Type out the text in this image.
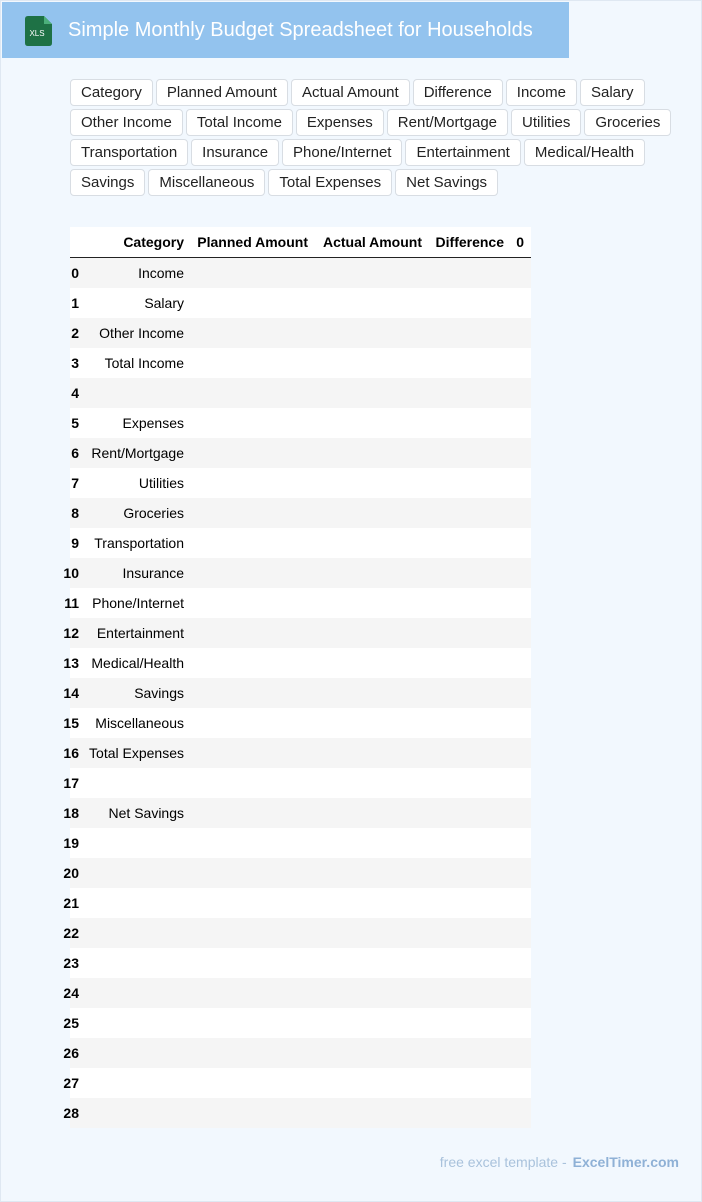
XLS Simple Monthly Budget Spreadsheet for Households
Category	Planned Amount	Actual Amount	Difference	Income	Salary
Other Income	Total Income	Expenses	Rent/Mortgage	Utilities	Groceries
Transportation	Insurance	Phone/Internet	Entertainment	Medical/Health
Savings	Miscellaneous	Total Expenses	Net Savings
	Category	Planned Amount	Actual Amount	Difference	0

0	Income				

1	Salary				

2	Other Income				

3	Total Income				

4					

5	Expenses				

6	Rent/Mortgage				

7	Utilities				

8	Groceries				

9	Transportation				

10	Insurance				

11	Phone/Internet				

12	Entertainment				

13	Medical/Health				

14	Savings				

15	Miscellaneous				

16	Total Expenses				

17					

18	Net Savings				

19					

20					

21					

22					

23					

24					

25					

26					

27					

28					

free excel template - ExcelTimer.com
